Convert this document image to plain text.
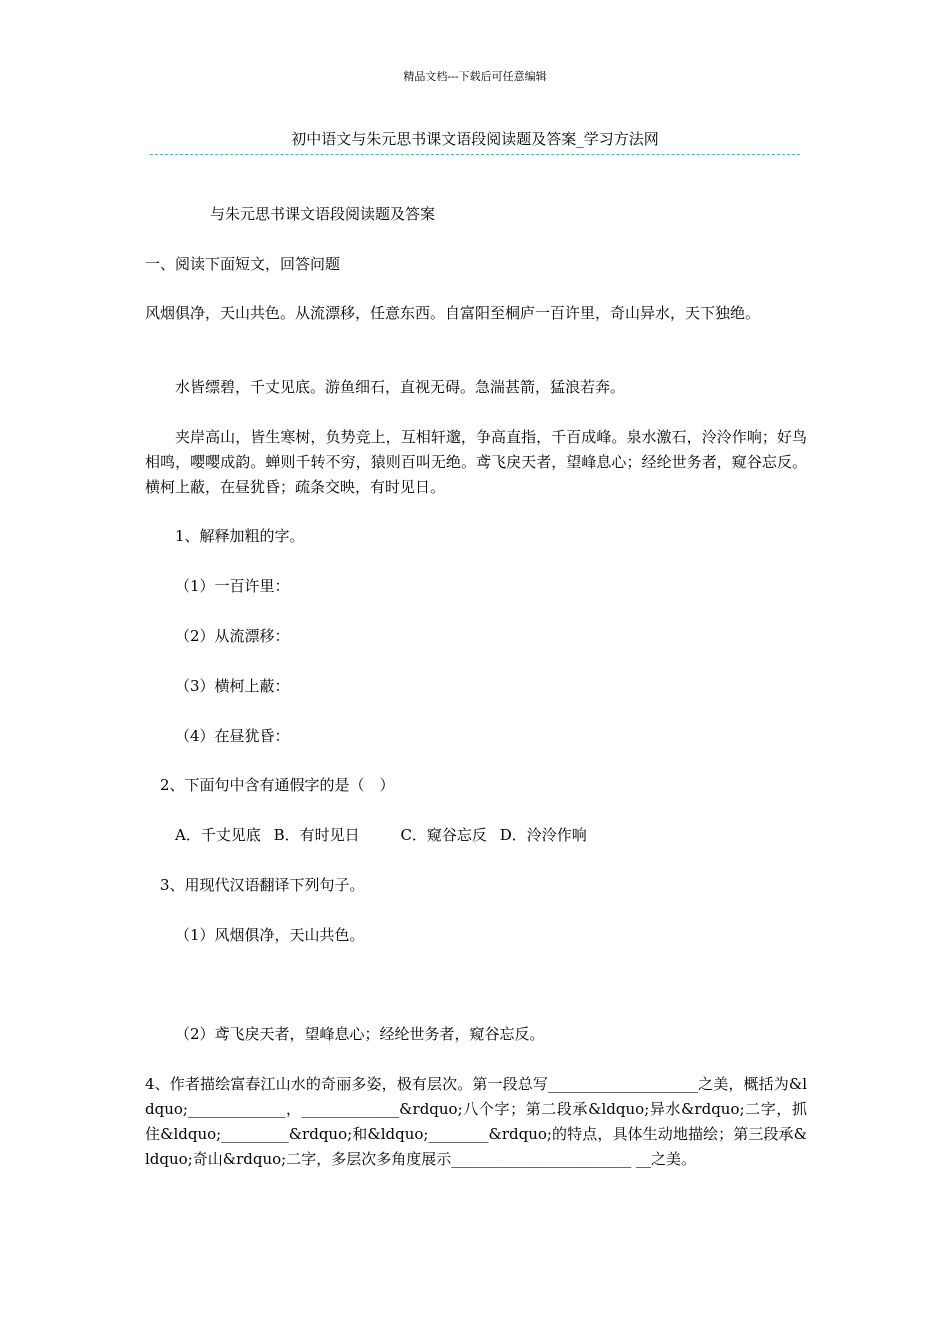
精品文档---下载后可任意编辑
初中语文与朱元思书课文语段阅读题及答案_学习方法网
与朱元思书课文语段阅读题及答案
一、阅读下面短文，回答问题
风烟俱净，天山共色。从流漂移，任意东西。自富阳至桐庐一百许里，奇山异水，天下独绝。
水皆缥碧，千丈见底。游鱼细石，直视无碍。急湍甚箭，猛浪若奔。
夹岸高山，皆生寒树，负势竞上，互相轩邈，争高直指，千百成峰。泉水激石，泠泠作响；好鸟相鸣，嘤嘤成韵。蝉则千转不穷，猿则百叫无绝。鸢飞戾天者，望峰息心；经纶世务者，窥谷忘反。横柯上蔽，在昼犹昏；疏条交映，有时见日。
1、解释加粗的字。
（1）一百许里：
（2）从流漂移：
（3）横柯上蔽：
（4）在昼犹昏：
2、下面句中含有通假字的是（　）
A．千丈见底 B．有时见日	C．窥谷忘反 D．泠泠作响
3、用现代汉语翻译下列句子。
（1）风烟俱净，天山共色。
（2）鸢飞戾天者，望峰息心；经纶世务者，窥谷忘反。
4、作者描绘富春江山水的奇丽多姿，极有层次。第一段总写____________________之美，概括为&ldquo;_____________，_____________&rdquo;八个字；第二段承&ldquo;异水&rdquo;二字，抓住&ldquo;_________&rdquo;和&ldquo;________&rdquo;的特点，具体生动地描绘；第三段承&ldquo;奇山&rdquo;二字，多层次多角度展示________________________ __之美。
